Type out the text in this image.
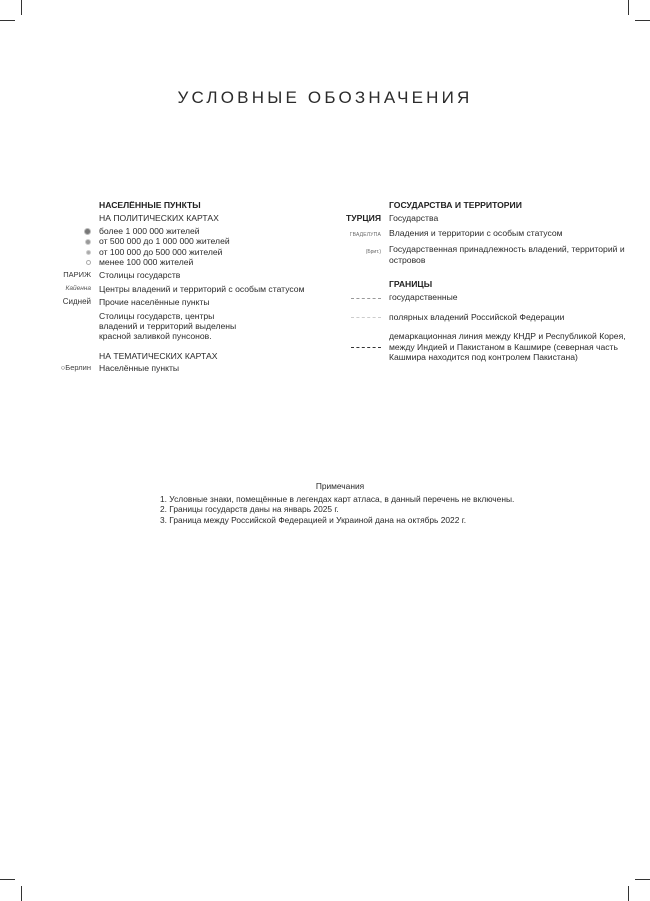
УСЛОВНЫЕ ОБОЗНАЧЕНИЯ
НАСЕЛЁННЫЕ ПУНКТЫ
НА ПОЛИТИЧЕСКИХ КАРТАХ
более 1 000 000 жителей
от 500 000 до 1 000 000 жителей
от 100 000 до 500 000 жителей
менее 100 000 жителей
ПАРИЖ Столицы государств
Кайенна Центры владений и территорий с особым статусом
Сидней Прочие населённые пункты
Столицы государств, центры
владений и территорий выделены
красной заливкой пунсонов.
НА ТЕМАТИЧЕСКИХ КАРТАХ
○Берлин Населённые пункты
ГОСУДАРСТВА И ТЕРРИТОРИИ
ТУРЦИЯ Государства
ГВАДЕЛУПА Владения и территории с особым статусом
(Брит.) Государственная принадлежность владений, территорий и островов
ГРАНИЦЫ
государственные
полярных владений Российской Федерации
демаркационная линия между КНДР и Республикой Корея, между Индией и Пакистаном в Кашмире (северная часть Кашмира находится под контролем Пакистана)
Примечания
1. Условные знаки, помещённые в легендах карт атласа, в данный перечень не включены.
2. Границы государств даны на январь 2025 г.
3. Граница между Российской Федерацией и Украиной дана на октябрь 2022 г.
